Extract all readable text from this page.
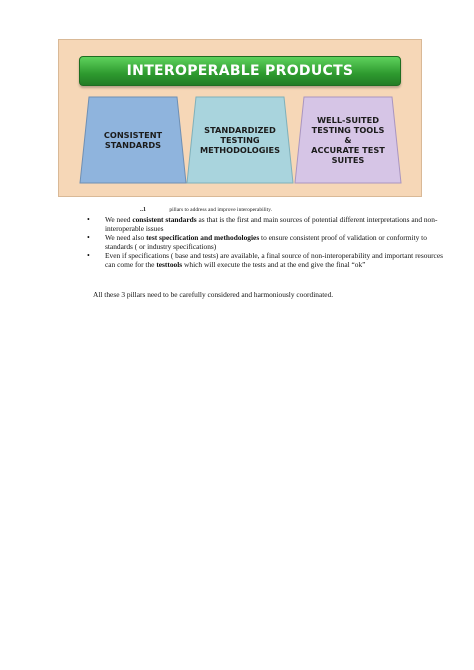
INTEROPERABLE PRODUCTS
CONSISTENT
STANDARDS
STANDARDIZED
TESTING
METHODOLOGIES
WELL-SUITED
TESTING TOOLS
&
ACCURATE TEST
SUITES
..1	pillars to address and improve interoperability.
• We need consistent standards as that is the first and main sources of potential different interpretations and non-interoperable issues
• We need also test specification and methodologies to ensure consistent proof of validation or conformity to standards ( or industry specifications)
• Even if specifications ( base and tests) are available, a final source of non-interoperability and important resources can come for the testtools which will execute the tests and at the end give the final “ok”
All these 3 pillars need to be carefully considered and harmoniously coordinated.
